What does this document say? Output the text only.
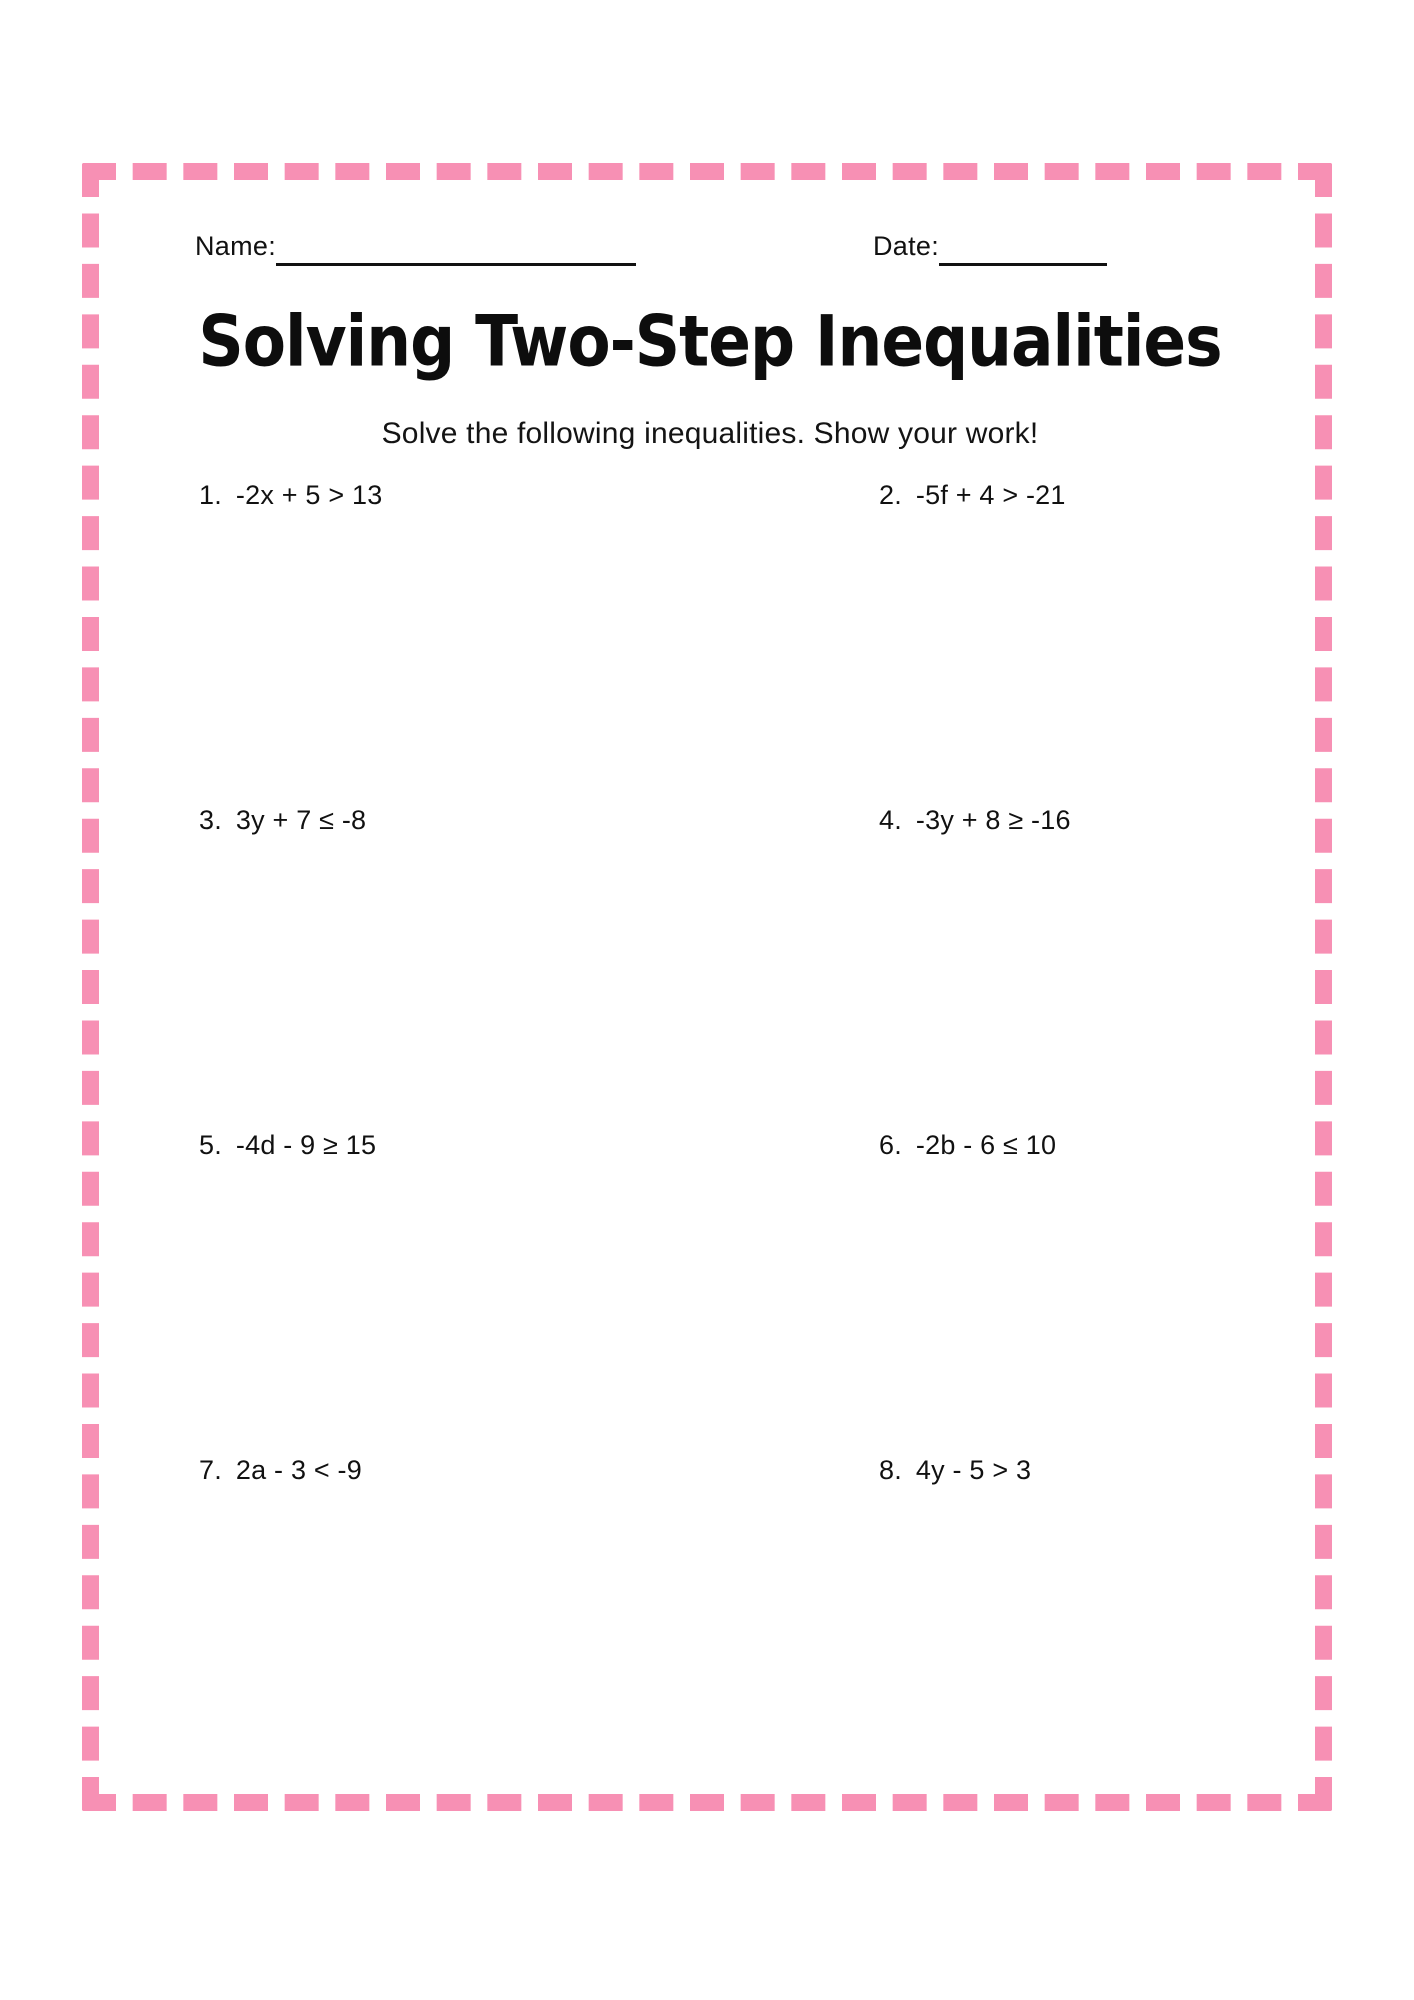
Name:	Date:
Solving Two-Step Inequalities
Solve the following inequalities. Show your work!
1. -2x + 5 > 13	2. -5f + 4 > -21
3. 3y + 7 ≤ -8	4. -3y + 8 ≥ -16
5. -4d - 9 ≥ 15	6. -2b - 6 ≤ 10
7. 2a - 3 < -9	8. 4y - 5 > 3
